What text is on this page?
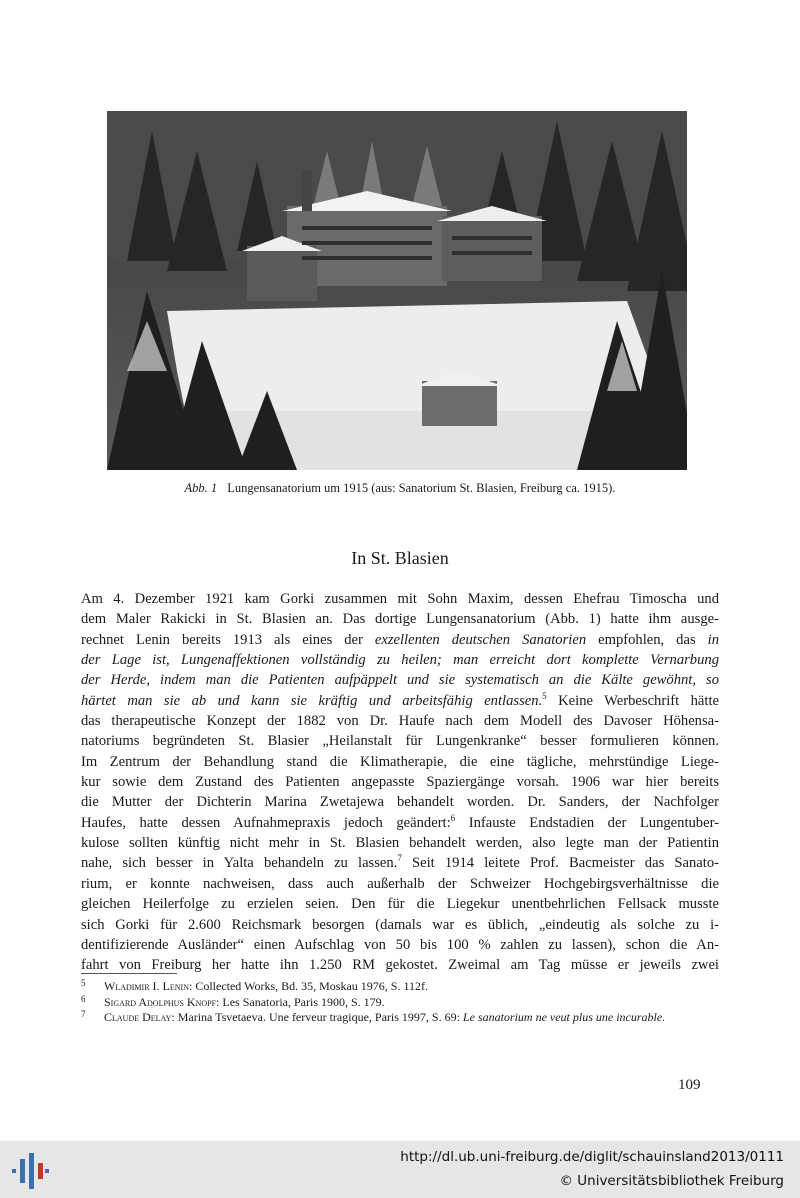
Abb. 1 Lungensanatorium um 1915 (aus: Sanatorium St. Blasien, Freiburg ca. 1915).
In St. Blasien
Am 4. Dezember 1921 kam Gorki zusammen mit Sohn Maxim, dessen Ehefrau Timoscha und
dem Maler Rakicki in St. Blasien an. Das dortige Lungensanatorium (Abb. 1) hatte ihm ausge-
rechnet Lenin bereits 1913 als eines der exzellenten deutschen Sanatorien empfohlen, das in
der Lage ist, Lungenaffektionen vollständig zu heilen; man erreicht dort komplette Vernarbung
der Herde, indem man die Patienten aufpäppelt und sie systematisch an die Kälte gewöhnt, so
härtet man sie ab und kann sie kräftig und arbeitsfähig entlassen.$^5$ Keine Werbeschrift hätte
das therapeutische Konzept der 1882 von Dr. Haufe nach dem Modell des Davoser Höhensa-
natoriums begründeten St. Blasier „Heilanstalt für Lungenkranke“ besser formulieren können.
Im Zentrum der Behandlung stand die Klimatherapie, die eine tägliche, mehrstündige Liege-
kur sowie dem Zustand des Patienten angepasste Spaziergänge vorsah. 1906 war hier bereits
die Mutter der Dichterin Marina Zwetajewa behandelt worden. Dr. Sanders, der Nachfolger
Haufes, hatte dessen Aufnahmepraxis jedoch geändert:$^6$ Infauste Endstadien der Lungentuber-
kulose sollten künftig nicht mehr in St. Blasien behandelt werden, also legte man der Patientin
nahe, sich besser in Yalta behandeln zu lassen.$^7$ Seit 1914 leitete Prof. Bacmeister das Sanato-
rium, er konnte nachweisen, dass auch außerhalb der Schweizer Hochgebirgsverhältnisse die
gleichen Heilerfolge zu erzielen seien. Den für die Liegekur unentbehrlichen Fellsack musste
sich Gorki für 2.600 Reichsmark besorgen (damals war es üblich, „eindeutig als solche zu i-
dentifizierende Ausländer“ einen Aufschlag von 50 bis 100 % zahlen zu lassen), schon die An-
fahrt von Freiburg her hatte ihn 1.250 RM gekostet. Zweimal am Tag müsse er jeweils zwei
5 Wladimir I. Lenin: Collected Works, Bd. 35, Moskau 1976, S. 112f.
6 Sigard Adolphus Knopf: Les Sanatoria, Paris 1900, S. 179.
7 Claude Delay: Marina Tsvetaeva. Une ferveur tragique, Paris 1997, S. 69: Le sanatorium ne veut plus une incurable.
109
http://dl.ub.uni-freiburg.de/diglit/schauinsland2013/0111
© Universitätsbibliothek Freiburg
